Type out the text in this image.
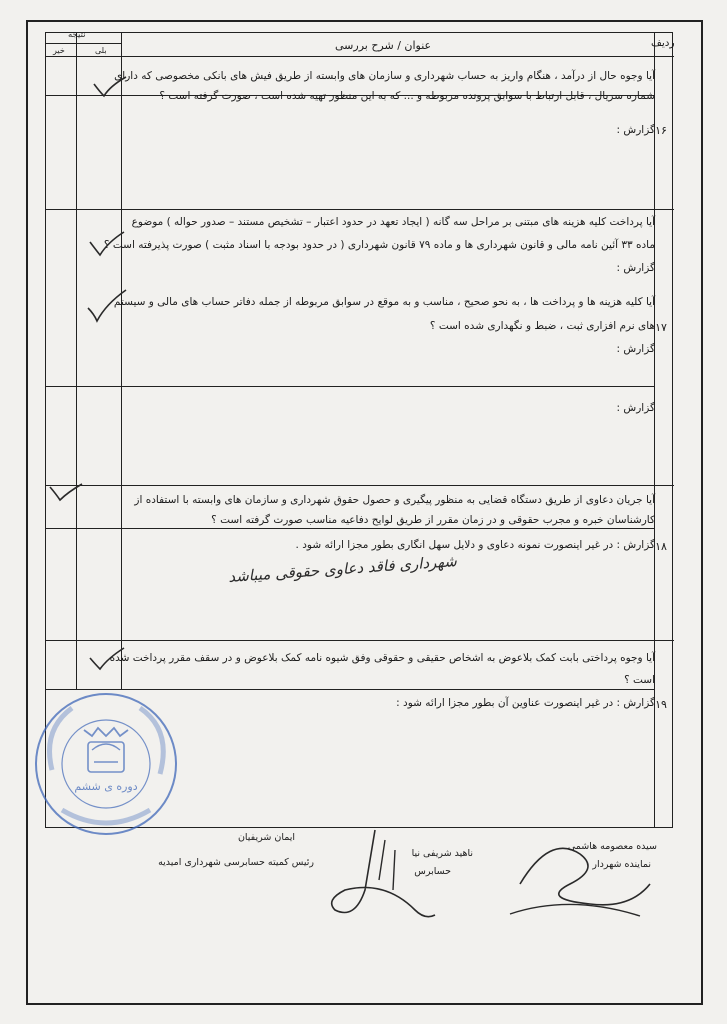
ردیف
عنوان / شرح بررسی
نتیجه
بلی
خیر
آیا وجوه حال از درآمد ، هنگام واریز به حساب شهرداری و سازمان های وابسته از طریق فیش های بانکی مخصوصی که دارای
شماره سریال ، قابل ارتباط با سوابق پرونده مربوطه و ... که به این منظور تهیه شده است ، صورت گرفته است ؟
گزارش : ۱۶
آیا پرداخت کلیه هزینه های مبتنی بر مراحل سه گانه ( ایجاد تعهد در حدود اعتبار – تشخیص مستند – صدور حواله ) موضوع
ماده ۳۳ آئین نامه مالی و قانون شهرداری ها و ماده ۷۹ قانون شهرداری ( در حدود بودجه با اسناد مثبت ) صورت پذیرفته است ؟
گزارش :
آیا کلیه هزینه ها و پرداخت ها ، به نحو صحیح ، مناسب و به موقع در سوابق مربوطه از جمله دفاتر حساب های مالی و سیستم
های نرم افزاری ثبت ، ضبط و نگهداری شده است ؟
گزارش :
گزارش :
۱۷
آیا جریان دعاوی از طریق دستگاه قضایی به منظور پیگیری و حصول حقوق شهرداری و سازمان های وابسته با استفاده از
کارشناسان خبره و مجرب حقوقی و در زمان مقرر از طریق لوایح دفاعیه مناسب صورت گرفته است ؟
گزارش : در غیر اینصورت نمونه دعاوی و دلایل سهل انگاری بطور مجزا ارائه شود .
شهرداری فاقد دعاوی حقوقی میباشد
۱۸
آیا وجوه پرداختی بابت کمک بلاعوض به اشخاص حقیقی و حقوقی وفق شیوه نامه کمک بلاعوض و در سقف مقرر پرداخت شده
است ؟
گزارش : در غیر اینصورت عناوین آن بطور مجزا ارائه شود : ۱۹
دوره ی ششم
سیده معصومه هاشمی
نماینده شهردار
ناهید شریفی نیا
حسابرس
ایمان شریفیان
رئیس کمیته حسابرسی شهرداری امیدیه
